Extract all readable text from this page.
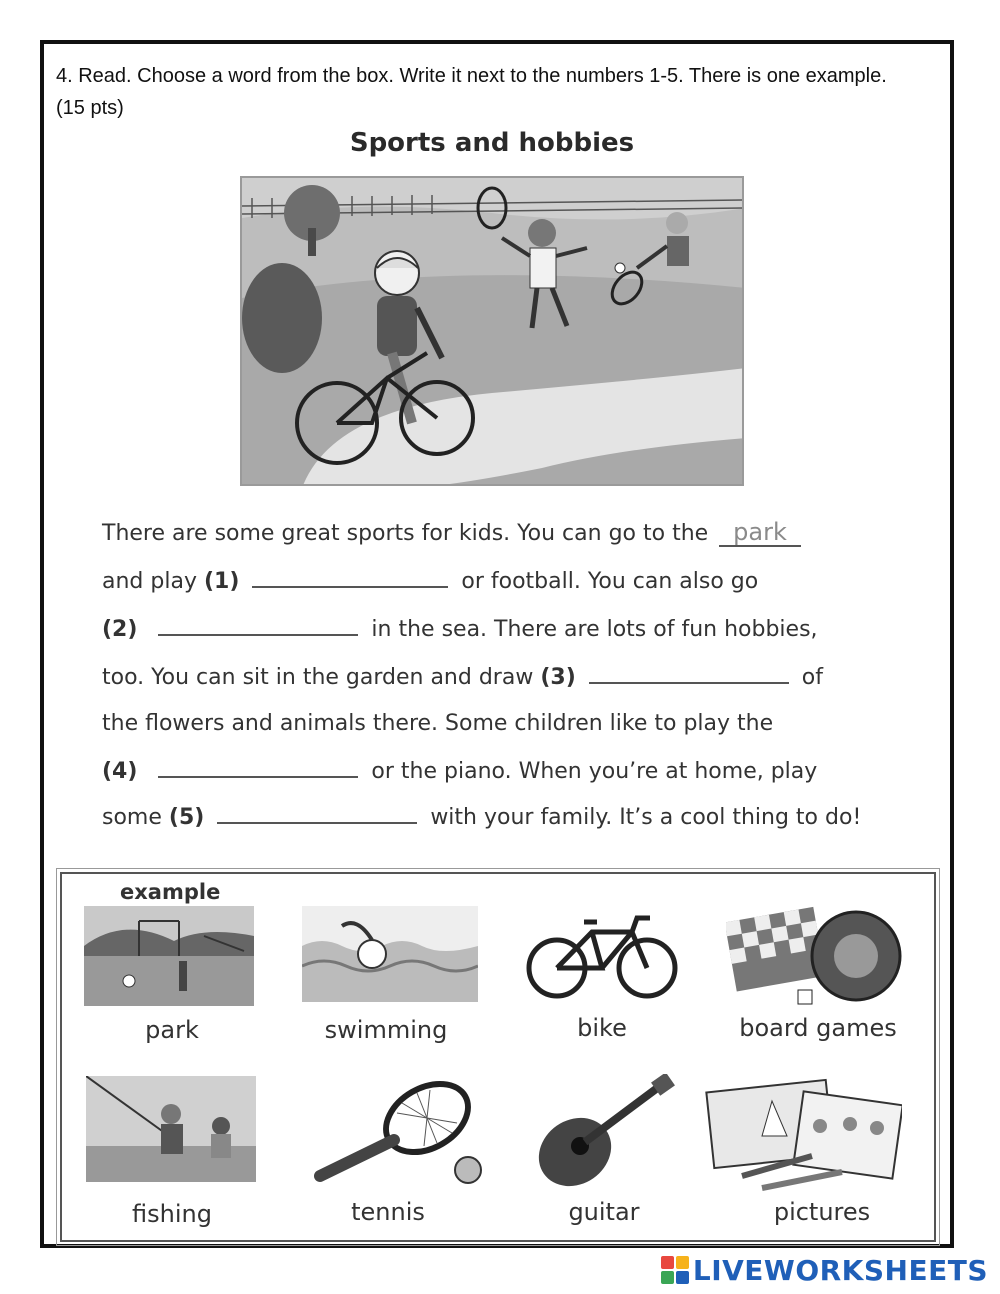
4. Read. Choose a word from the box. Write it next to the numbers 1-5. There is one example.
(15 pts)
Sports and hobbies
There are some great sports for kids. You can go to the park
and play (1)	or football. You can also go
(2)	in the sea. There are lots of fun hobbies,
too. You can sit in the garden and draw (3)	of
the flowers and animals there. Some children like to play the
(4)	or the piano. When you’re at home, play
some (5)	with your family. It’s a cool thing to do!
example
park	swimming	bike	board games
fishing	tennis	guitar	pictures
LIVEWORKSHEETS
